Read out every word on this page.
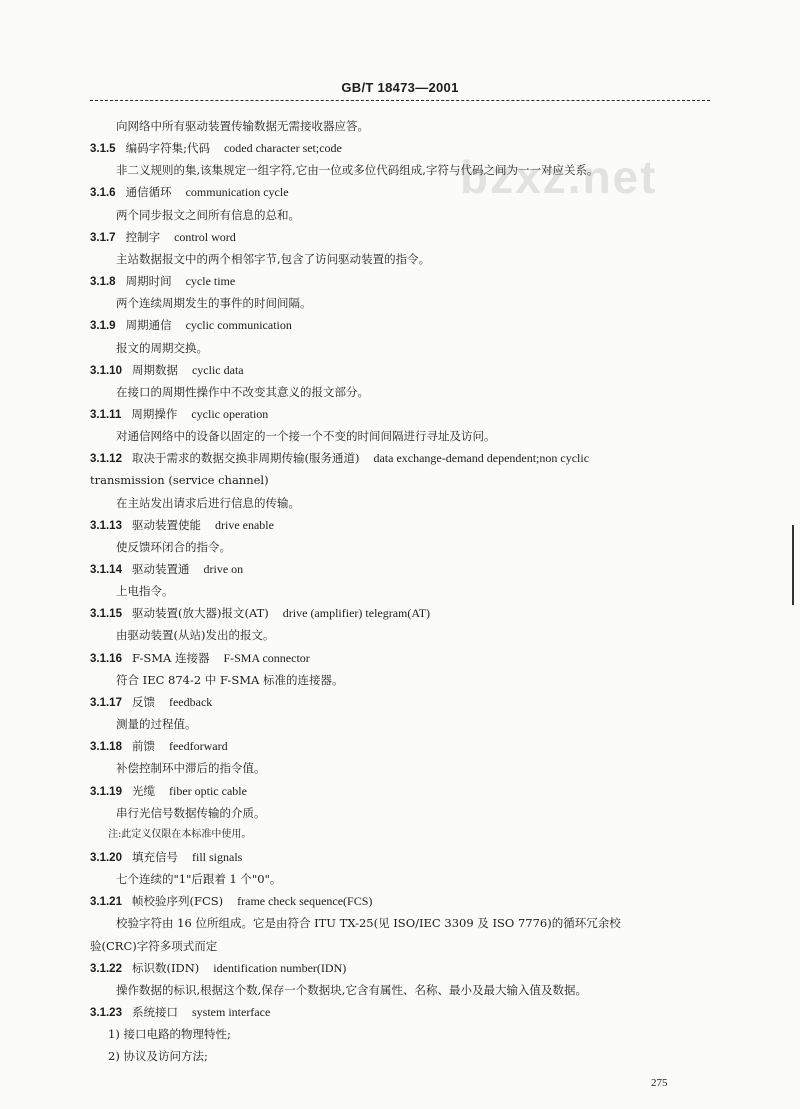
GB/T 18473—2001
bzxz.net
向网络中所有驱动装置传输数据无需接收器应答。
3.1.5 编码字符集;代码 coded character set;code
非二义规则的集,该集规定一组字符,它由一位或多位代码组成,字符与代码之间为一一对应关系。
3.1.6 通信循环 communication cycle
两个同步报文之间所有信息的总和。
3.1.7 控制字 control word
主站数据报文中的两个相邻字节,包含了访问驱动装置的指令。
3.1.8 周期时间 cycle time
两个连续周期发生的事件的时间间隔。
3.1.9 周期通信 cyclic communication
报文的周期交换。
3.1.10 周期数据 cyclic data
在接口的周期性操作中不改变其意义的报文部分。
3.1.11 周期操作 cyclic operation
对通信网络中的设备以固定的一个接一个不变的时间间隔进行寻址及访问。
3.1.12 取决于需求的数据交换非周期传输(服务通道) data exchange-demand dependent;non cyclic
transmission (service channel)
在主站发出请求后进行信息的传输。
3.1.13 驱动装置使能 drive enable
使反馈环闭合的指令。
3.1.14 驱动装置通 drive on
上电指令。
3.1.15 驱动装置(放大器)报文(AT) drive (amplifier) telegram(AT)
由驱动装置(从站)发出的报文。
3.1.16 F-SMA 连接器 F-SMA connector
符合 IEC 874-2 中 F-SMA 标准的连接器。
3.1.17 反馈 feedback
测量的过程值。
3.1.18 前馈 feedforward
补偿控制环中滞后的指令值。
3.1.19 光缆 fiber optic cable
串行光信号数据传输的介质。
注:此定义仅限在本标准中使用。
3.1.20 填充信号 fill signals
七个连续的"1"后跟着 1 个"0"。
3.1.21 帧校验序列(FCS) frame check sequence(FCS)
校验字符由 16 位所组成。它是由符合 ITU TX-25(见 ISO/IEC 3309 及 ISO 7776)的循环冗余校
验(CRC)字符多项式而定
3.1.22 标识数(IDN) identification number(IDN)
操作数据的标识,根据这个数,保存一个数据块,它含有属性、名称、最小及最大输入值及数据。
3.1.23 系统接口 system interface
1) 接口电路的物理特性;
2) 协议及访问方法;
275
